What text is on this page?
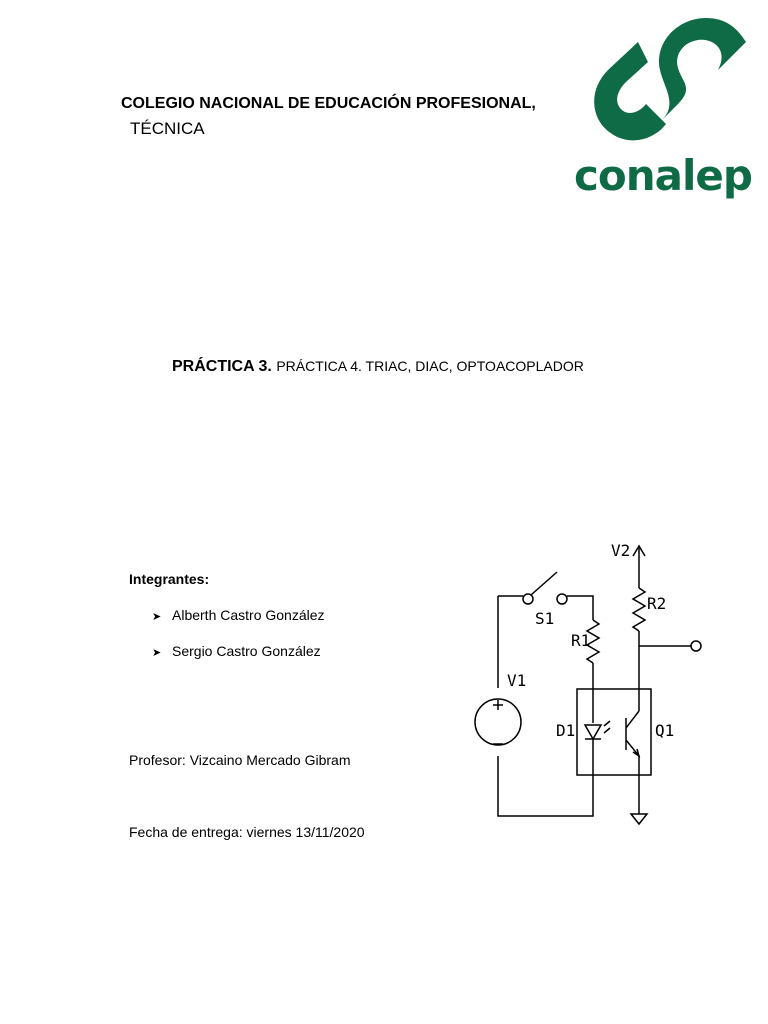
COLEGIO NACIONAL DE EDUCACIÓN PROFESIONAL,
TÉCNICA
conalep
PRÁCTICA 3. PRÁCTICA 4. TRIAC, DIAC, OPTOACOPLADOR
Integrantes:
➤ Alberth Castro González
➤ Sergio Castro González
Profesor: Vizcaino Mercado Gibram
Fecha de entrega: viernes 13/11/2020
V2
R2
S1
R1
V1
D1	Q1
